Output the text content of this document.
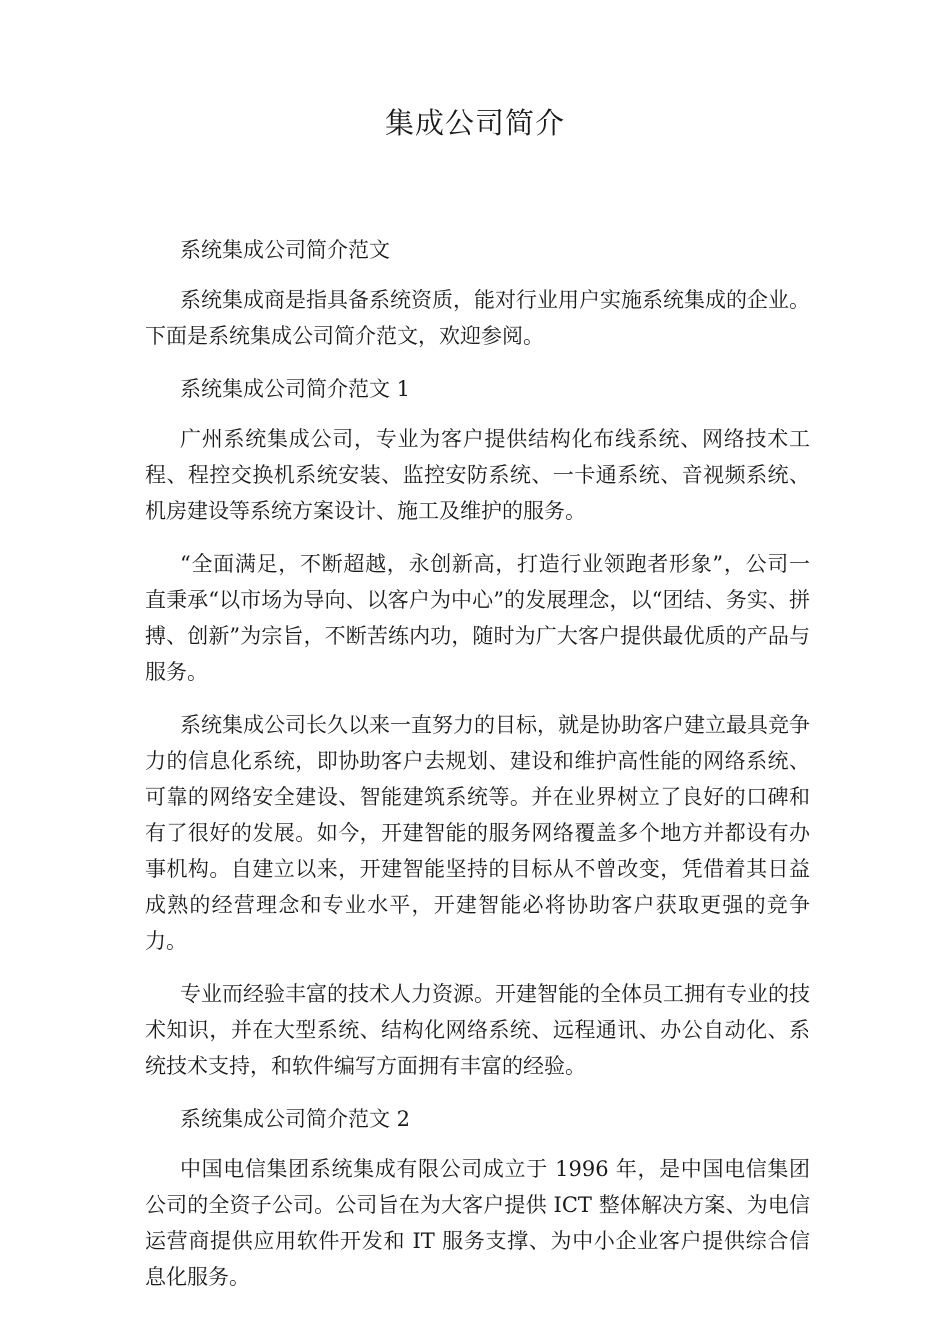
集成公司简介

系统集成公司简介范文

系统集成商是指具备系统资质，能对行业用户实施系统集成的企业。下面是系统集成公司简介范文，欢迎参阅。

系统集成公司简介范文 1

广州系统集成公司，专业为客户提供结构化布线系统、网络技术工程、程控交换机系统安装、监控安防系统、一卡通系统、音视频系统、机房建设等系统方案设计、施工及维护的服务。

“全面满足，不断超越，永创新高，打造行业领跑者形象”，公司一直秉承“以市场为导向、以客户为中心”的发展理念，以“团结、务实、拼搏、创新”为宗旨，不断苦练内功，随时为广大客户提供最优质的产品与服务。

系统集成公司长久以来一直努力的目标，就是协助客户建立最具竞争力的信息化系统，即协助客户去规划、建设和维护高性能的网络系统、可靠的网络安全建设、智能建筑系统等。并在业界树立了良好的口碑和有了很好的发展。如今，开建智能的服务网络覆盖多个地方并都设有办事机构。自建立以来，开建智能坚持的目标从不曾改变，凭借着其日益成熟的经营理念和专业水平，开建智能必将协助客户获取更强的竞争力。

专业而经验丰富的技术人力资源。开建智能的全体员工拥有专业的技术知识，并在大型系统、结构化网络系统、远程通讯、办公自动化、系统技术支持，和软件编写方面拥有丰富的经验。

系统集成公司简介范文 2

中国电信集团系统集成有限公司成立于 1996 年，是中国电信集团公司的全资子公司。公司旨在为大客户提供 ICT 整体解决方案、为电信运营商提供应用软件开发和 IT 服务支撑、为中小企业客户提供综合信息化服务。
